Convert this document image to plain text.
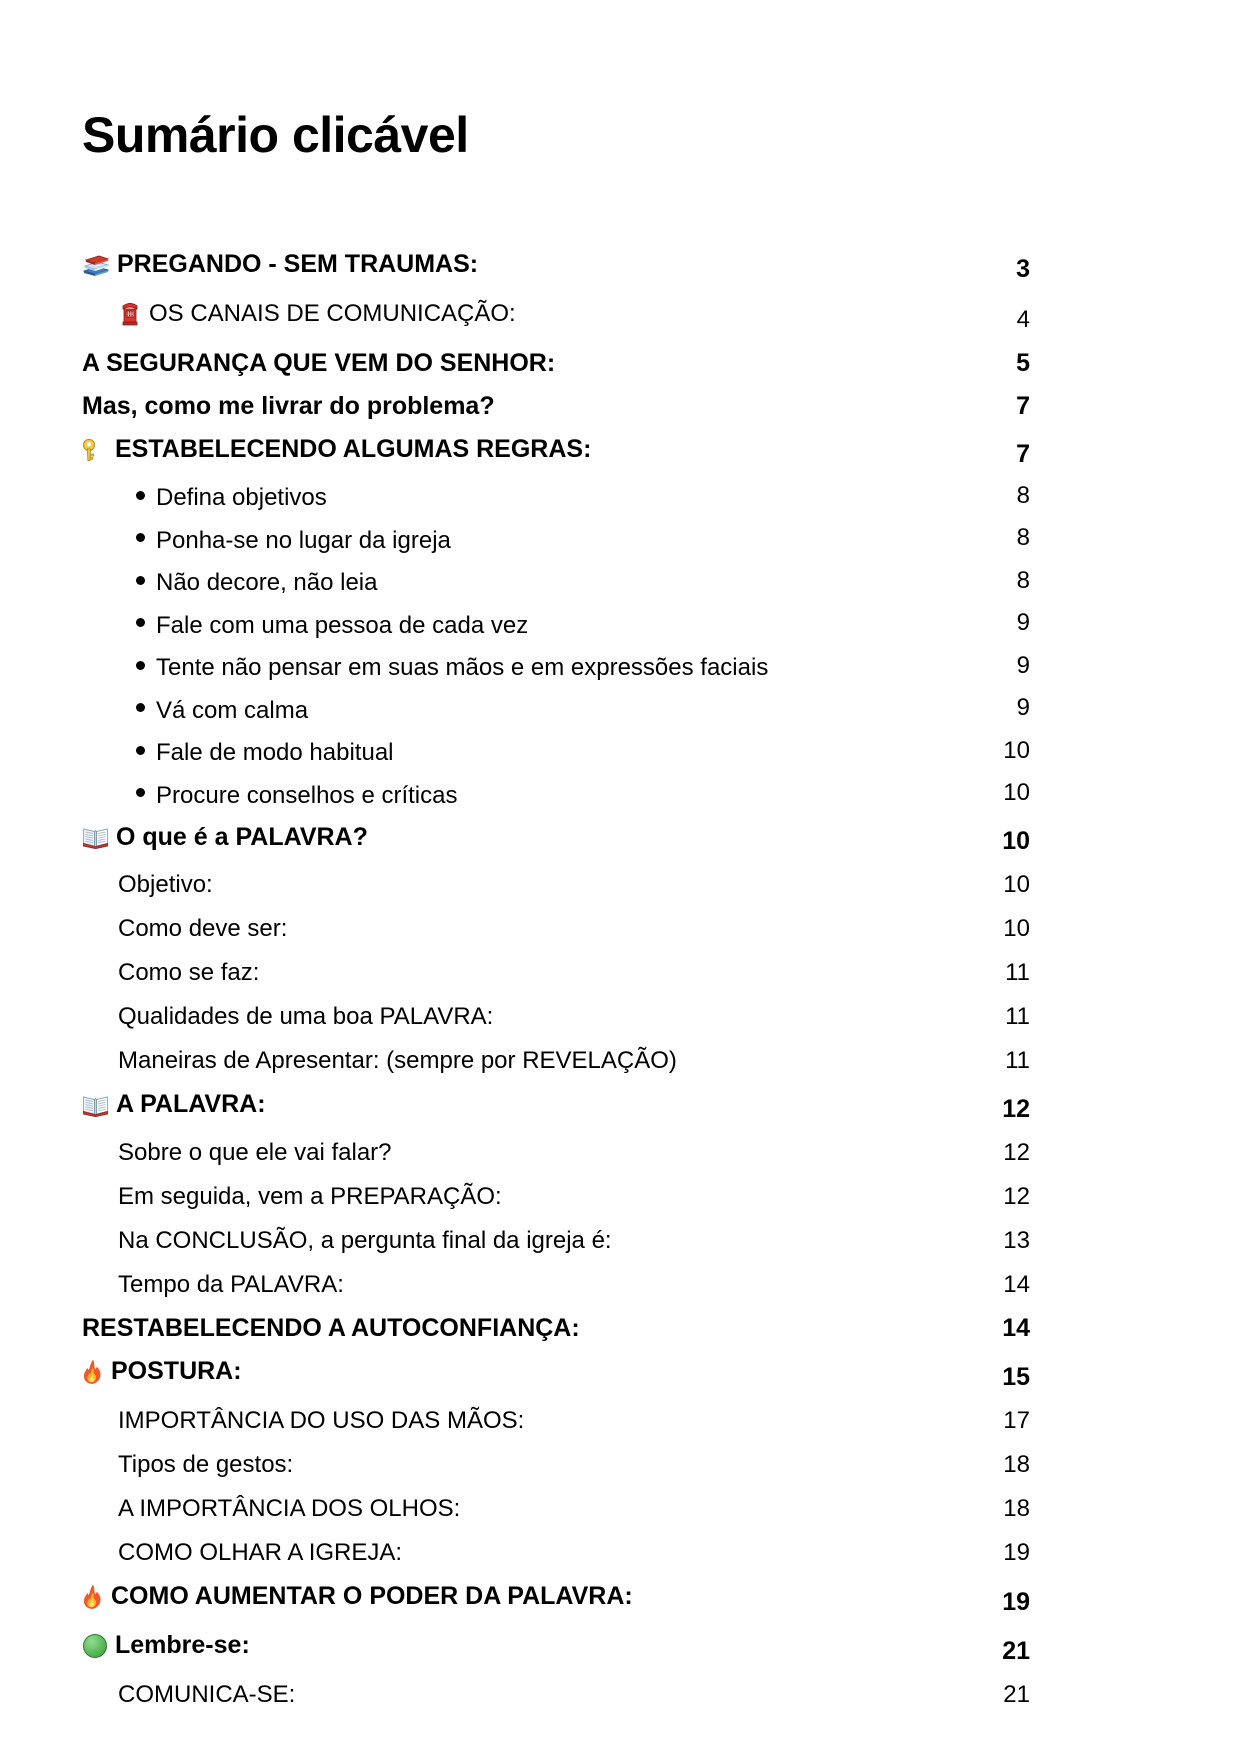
Sumário clicável
PREGANDO - SEM TRAUMAS:	3
OS CANAIS DE COMUNICAÇÃO:	4
A SEGURANÇA QUE VEM DO SENHOR:	5
Mas, como me livrar do problema?	7
ESTABELECENDO ALGUMAS REGRAS:	7
Defina objetivos	8
Ponha-se no lugar da igreja	8
Não decore, não leia	8
Fale com uma pessoa de cada vez	9
Tente não pensar em suas mãos e em expressões faciais	9
Vá com calma	9
Fale de modo habitual	10
Procure conselhos e críticas	10
O que é a PALAVRA?	10
Objetivo:	10
Como deve ser:	10
Como se faz:	11
Qualidades de uma boa PALAVRA:	11
Maneiras de Apresentar: (sempre por REVELAÇÃO)	11
A PALAVRA:	12
Sobre o que ele vai falar?	12
Em seguida, vem a PREPARAÇÃO:	12
Na CONCLUSÃO, a pergunta final da igreja é:	13
Tempo da PALAVRA:	14
RESTABELECENDO A AUTOCONFIANÇA:	14
POSTURA:	15
IMPORTÂNCIA DO USO DAS MÃOS:	17
Tipos de gestos:	18
A IMPORTÂNCIA DOS OLHOS:	18
COMO OLHAR A IGREJA:	19
COMO AUMENTAR O PODER DA PALAVRA:	19
Lembre-se:	21
COMUNICA-SE:	21
